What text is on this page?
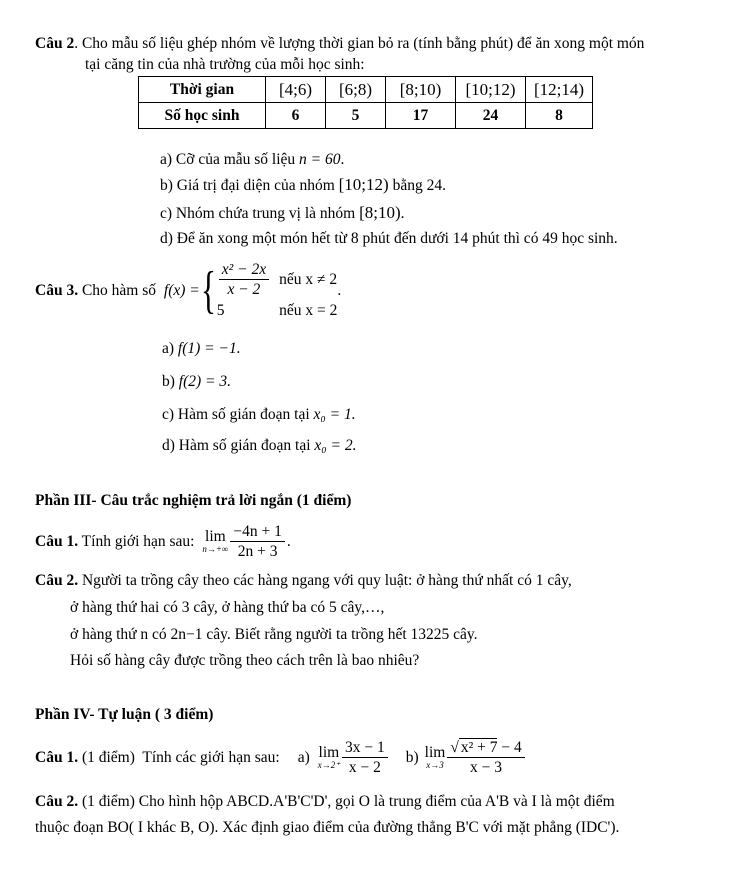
Câu 2. Cho mẫu số liệu ghép nhóm về lượng thời gian bỏ ra (tính bằng phút) để ăn xong một món
tại căng tin của nhà trường của mỗi học sinh:
Thời gian	[4;6)	[6;8)	[8;10)	[10;12)	[12;14)
Số học sinh	6	5	17	24	8
a) Cỡ của mẫu số liệu n = 60.
b) Giá trị đại diện của nhóm [10;12) bằng 24.
c) Nhóm chứa trung vị là nhóm [8;10).
d) Để ăn xong một món hết từ 8 phút đến dưới 14 phút thì có 49 học sinh.
Câu 3. Cho hàm số f(x) = { $\frac{\text{x² − 2x}}{x - 2}$ nếu x ≠ 2
5	nếu x = 2
.
a) f(1) = −1.
b) f(2) = 3.
c) Hàm số gián đoạn tại x₀ = 1.
d) Hàm số gián đoạn tại x₀ = 2.
Phần III- Câu trắc nghiệm trả lời ngắn (1 điểm)
Câu 1. Tính giới hạn sau: lim
$n\to+\infty \frac{-4n + 1}{2n + 3}$ .
Câu 2. Người ta trồng cây theo các hàng ngang với quy luật: ở hàng thứ nhất có 1 cây,
ở hàng thứ hai có 3 cây, ở hàng thứ ba có 5 cây,…,
ở hàng thứ n có 2n−1 cây. Biết rằng người ta trồng hết 13225 cây.
Hỏi số hàng cây được trồng theo cách trên là bao nhiêu?
Phần IV- Tự luận ( 3 điểm)
Câu 1. (1 điểm)  Tính các giới hạn sau: a) lim
$x\to 2^+ \frac{3x - 1}{x - 2} b$) lim
$x\to 3 \frac{\text{√ x² + 7 − 4}}{x - 3}$
Câu 2. (1 điểm) Cho hình hộp ABCD.A'B'C'D', gọi O là trung điểm của A'B và I là một điểm
thuộc đoạn BO( I khác B, O). Xác định giao điểm của đường thẳng B'C với mặt phẳng (IDC').
